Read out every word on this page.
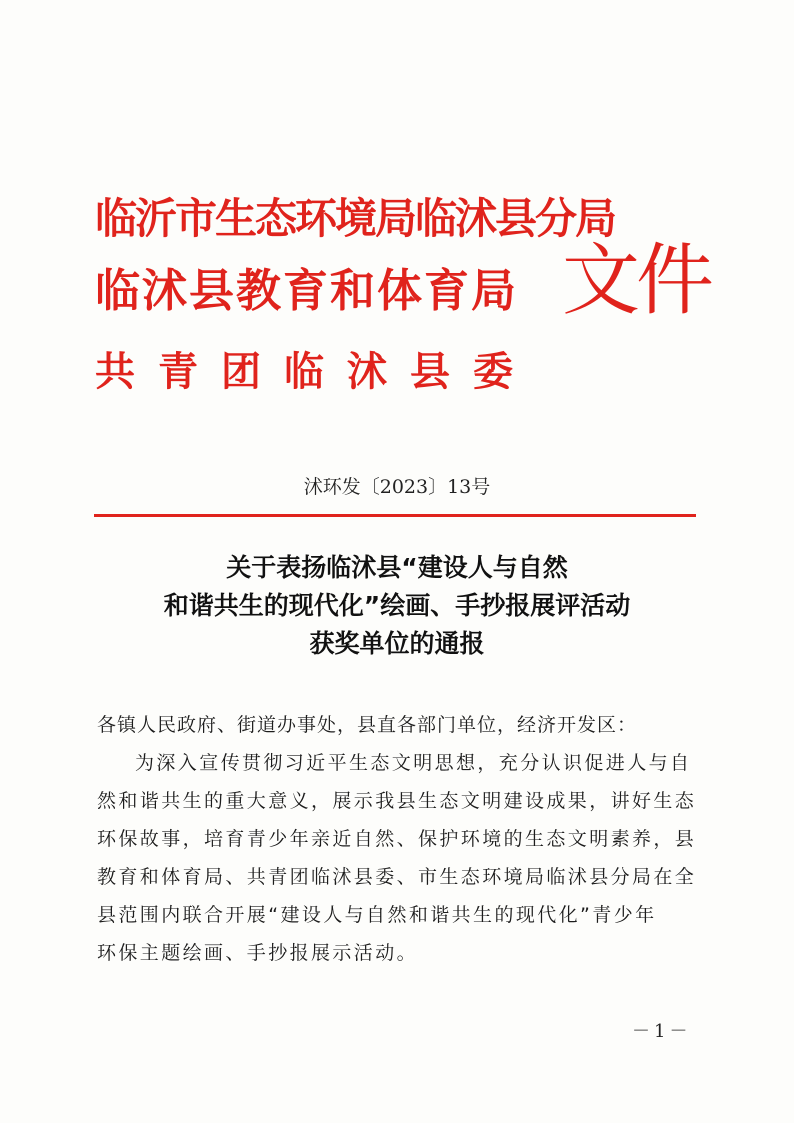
临沂市生态环境局临沭县分局
临沭县教育和体育局
共青团临沭县委
文件
沭环发〔2023〕13号
关于表扬临沭县“建设人与自然
和谐共生的现代化”绘画、手抄报展评活动
获奖单位的通报
各镇人民政府、街道办事处，县直各部门单位，经济开发区：
为深入宣传贯彻习近平生态文明思想，充分认识促进人与自
然和谐共生的重大意义，展示我县生态文明建设成果，讲好生态
环保故事，培育青少年亲近自然、保护环境的生态文明素养，县
教育和体育局、共青团临沭县委、市生态环境局临沭县分局在全
县范围内联合开展“建设人与自然和谐共生的现代化”青少年
环保主题绘画、手抄报展示活动。
－1－
